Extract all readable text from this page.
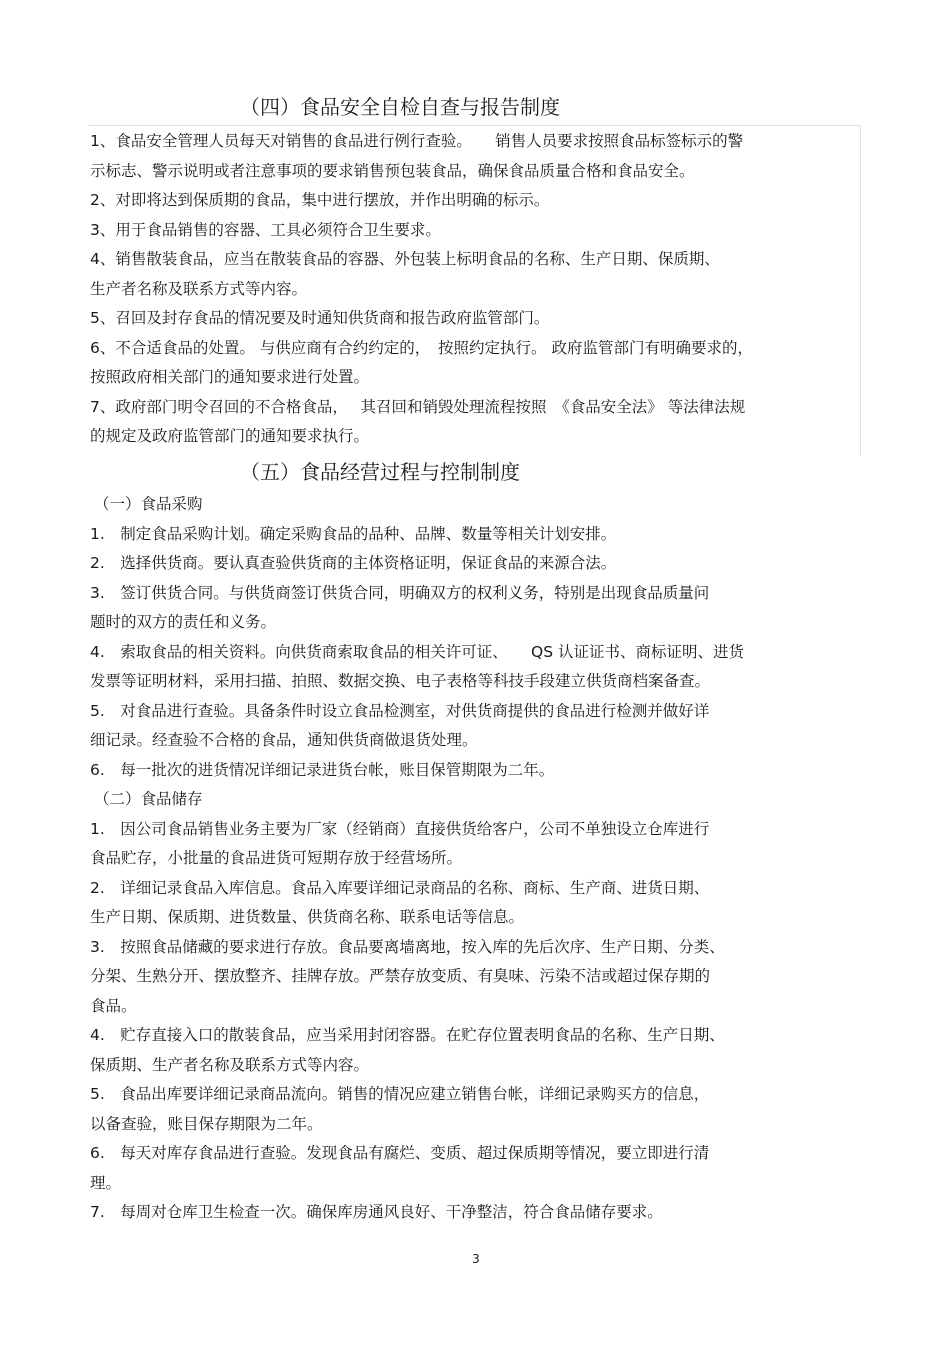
（四）食品安全自检自查与报告制度

1、食品安全管理人员每天对销售的食品进行例行查验。　　销售人员要求按照食品标签标示的警

示标志、警示说明或者注意事项的要求销售预包装食品，确保食品质量合格和食品安全。

2、对即将达到保质期的食品，集中进行摆放，并作出明确的标示。

3、用于食品销售的容器、工具必须符合卫生要求。

4、销售散装食品，应当在散装食品的容器、外包装上标明食品的名称、生产日期、保质期、

生产者名称及联系方式等内容。

5、召回及封存食品的情况要及时通知供货商和报告政府监管部门。

6、不合适食品的处置。 与供应商有合约约定的，　按照约定执行。 政府监管部门有明确要求的，

按照政府相关部门的通知要求进行处置。

7、政府部门明令召回的不合格食品，　 其召回和销毁处理流程按照　《食品安全法》 等法律法规

的规定及政府监管部门的通知要求执行。

（五）食品经营过程与控制制度

（一）食品采购

1.　制定食品采购计划。确定采购食品的品种、品牌、数量等相关计划安排。

2.　选择供货商。要认真查验供货商的主体资格证明，保证食品的来源合法。

3.　签订供货合同。与供货商签订供货合同，明确双方的权利义务，特别是出现食品质量问

题时的双方的责任和义务。

4.　索取食品的相关资料。向供货商索取食品的相关许可证、　　QS 认证证书、商标证明、进货

发票等证明材料，采用扫描、拍照、数据交换、电子表格等科技手段建立供货商档案备查。

5.　对食品进行查验。具备条件时设立食品检测室，对供货商提供的食品进行检测并做好详

细记录。经查验不合格的食品，通知供货商做退货处理。

6.　每一批次的进货情况详细记录进货台帐，账目保管期限为二年。

（二）食品储存

1.　因公司食品销售业务主要为厂家（经销商）直接供货给客户，公司不单独设立仓库进行

食品贮存，小批量的食品进货可短期存放于经营场所。

2.　详细记录食品入库信息。食品入库要详细记录商品的名称、商标、生产商、进货日期、

生产日期、保质期、进货数量、供货商名称、联系电话等信息。

3.　按照食品储藏的要求进行存放。食品要离墙离地，按入库的先后次序、生产日期、分类、

分架、生熟分开、摆放整齐、挂牌存放。严禁存放变质、有臭味、污染不洁或超过保存期的

食品。

4.　贮存直接入口的散装食品，应当采用封闭容器。在贮存位置表明食品的名称、生产日期、

保质期、生产者名称及联系方式等内容。

5.　食品出库要详细记录商品流向。销售的情况应建立销售台帐，详细记录购买方的信息，

以备查验，账目保存期限为二年。

6.　每天对库存食品进行查验。发现食品有腐烂、变质、超过保质期等情况，要立即进行清

理。

7.　每周对仓库卫生检查一次。确保库房通风良好、干净整洁，符合食品储存要求。

3
